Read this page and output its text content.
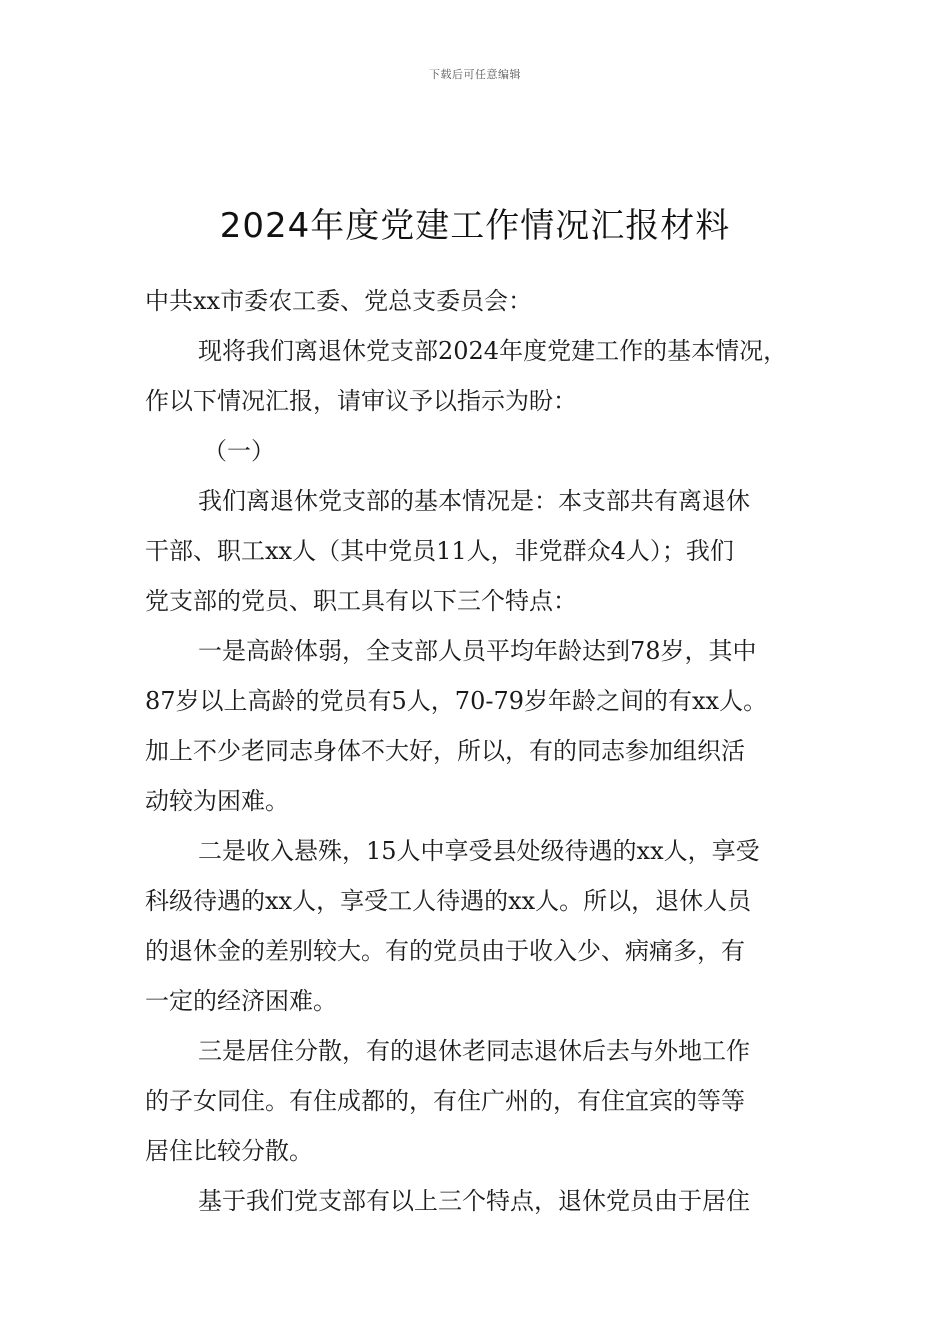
下载后可任意编辑
2024年度党建工作情况汇报材料

中共xx市委农工委、党总支委员会：

现将我们离退休党支部2024年度党建工作的基本情况，

作以下情况汇报，请审议予以指示为盼：

（一）

我们离退休党支部的基本情况是：本支部共有离退休

干部、职工xx人（其中党员11人，非党群众4人）；我们
党支部的党员、职工具有以下三个特点：

一是高龄体弱，全支部人员平均年龄达到78岁，其中

87岁以上高龄的党员有5人，70-79岁年龄之间的有xx人。
加上不少老同志身体不大好，所以，有的同志参加组织活
动较为困难。

二是收入悬殊，15人中享受县处级待遇的xx人，享受

科级待遇的xx人，享受工人待遇的xx人。所以，退休人员
的退休金的差别较大。有的党员由于收入少、病痛多，有
一定的经济困难。

三是居住分散，有的退休老同志退休后去与外地工作

的子女同住。有住成都的，有住广州的，有住宜宾的等等
居住比较分散。

基于我们党支部有以上三个特点，退休党员由于居住
